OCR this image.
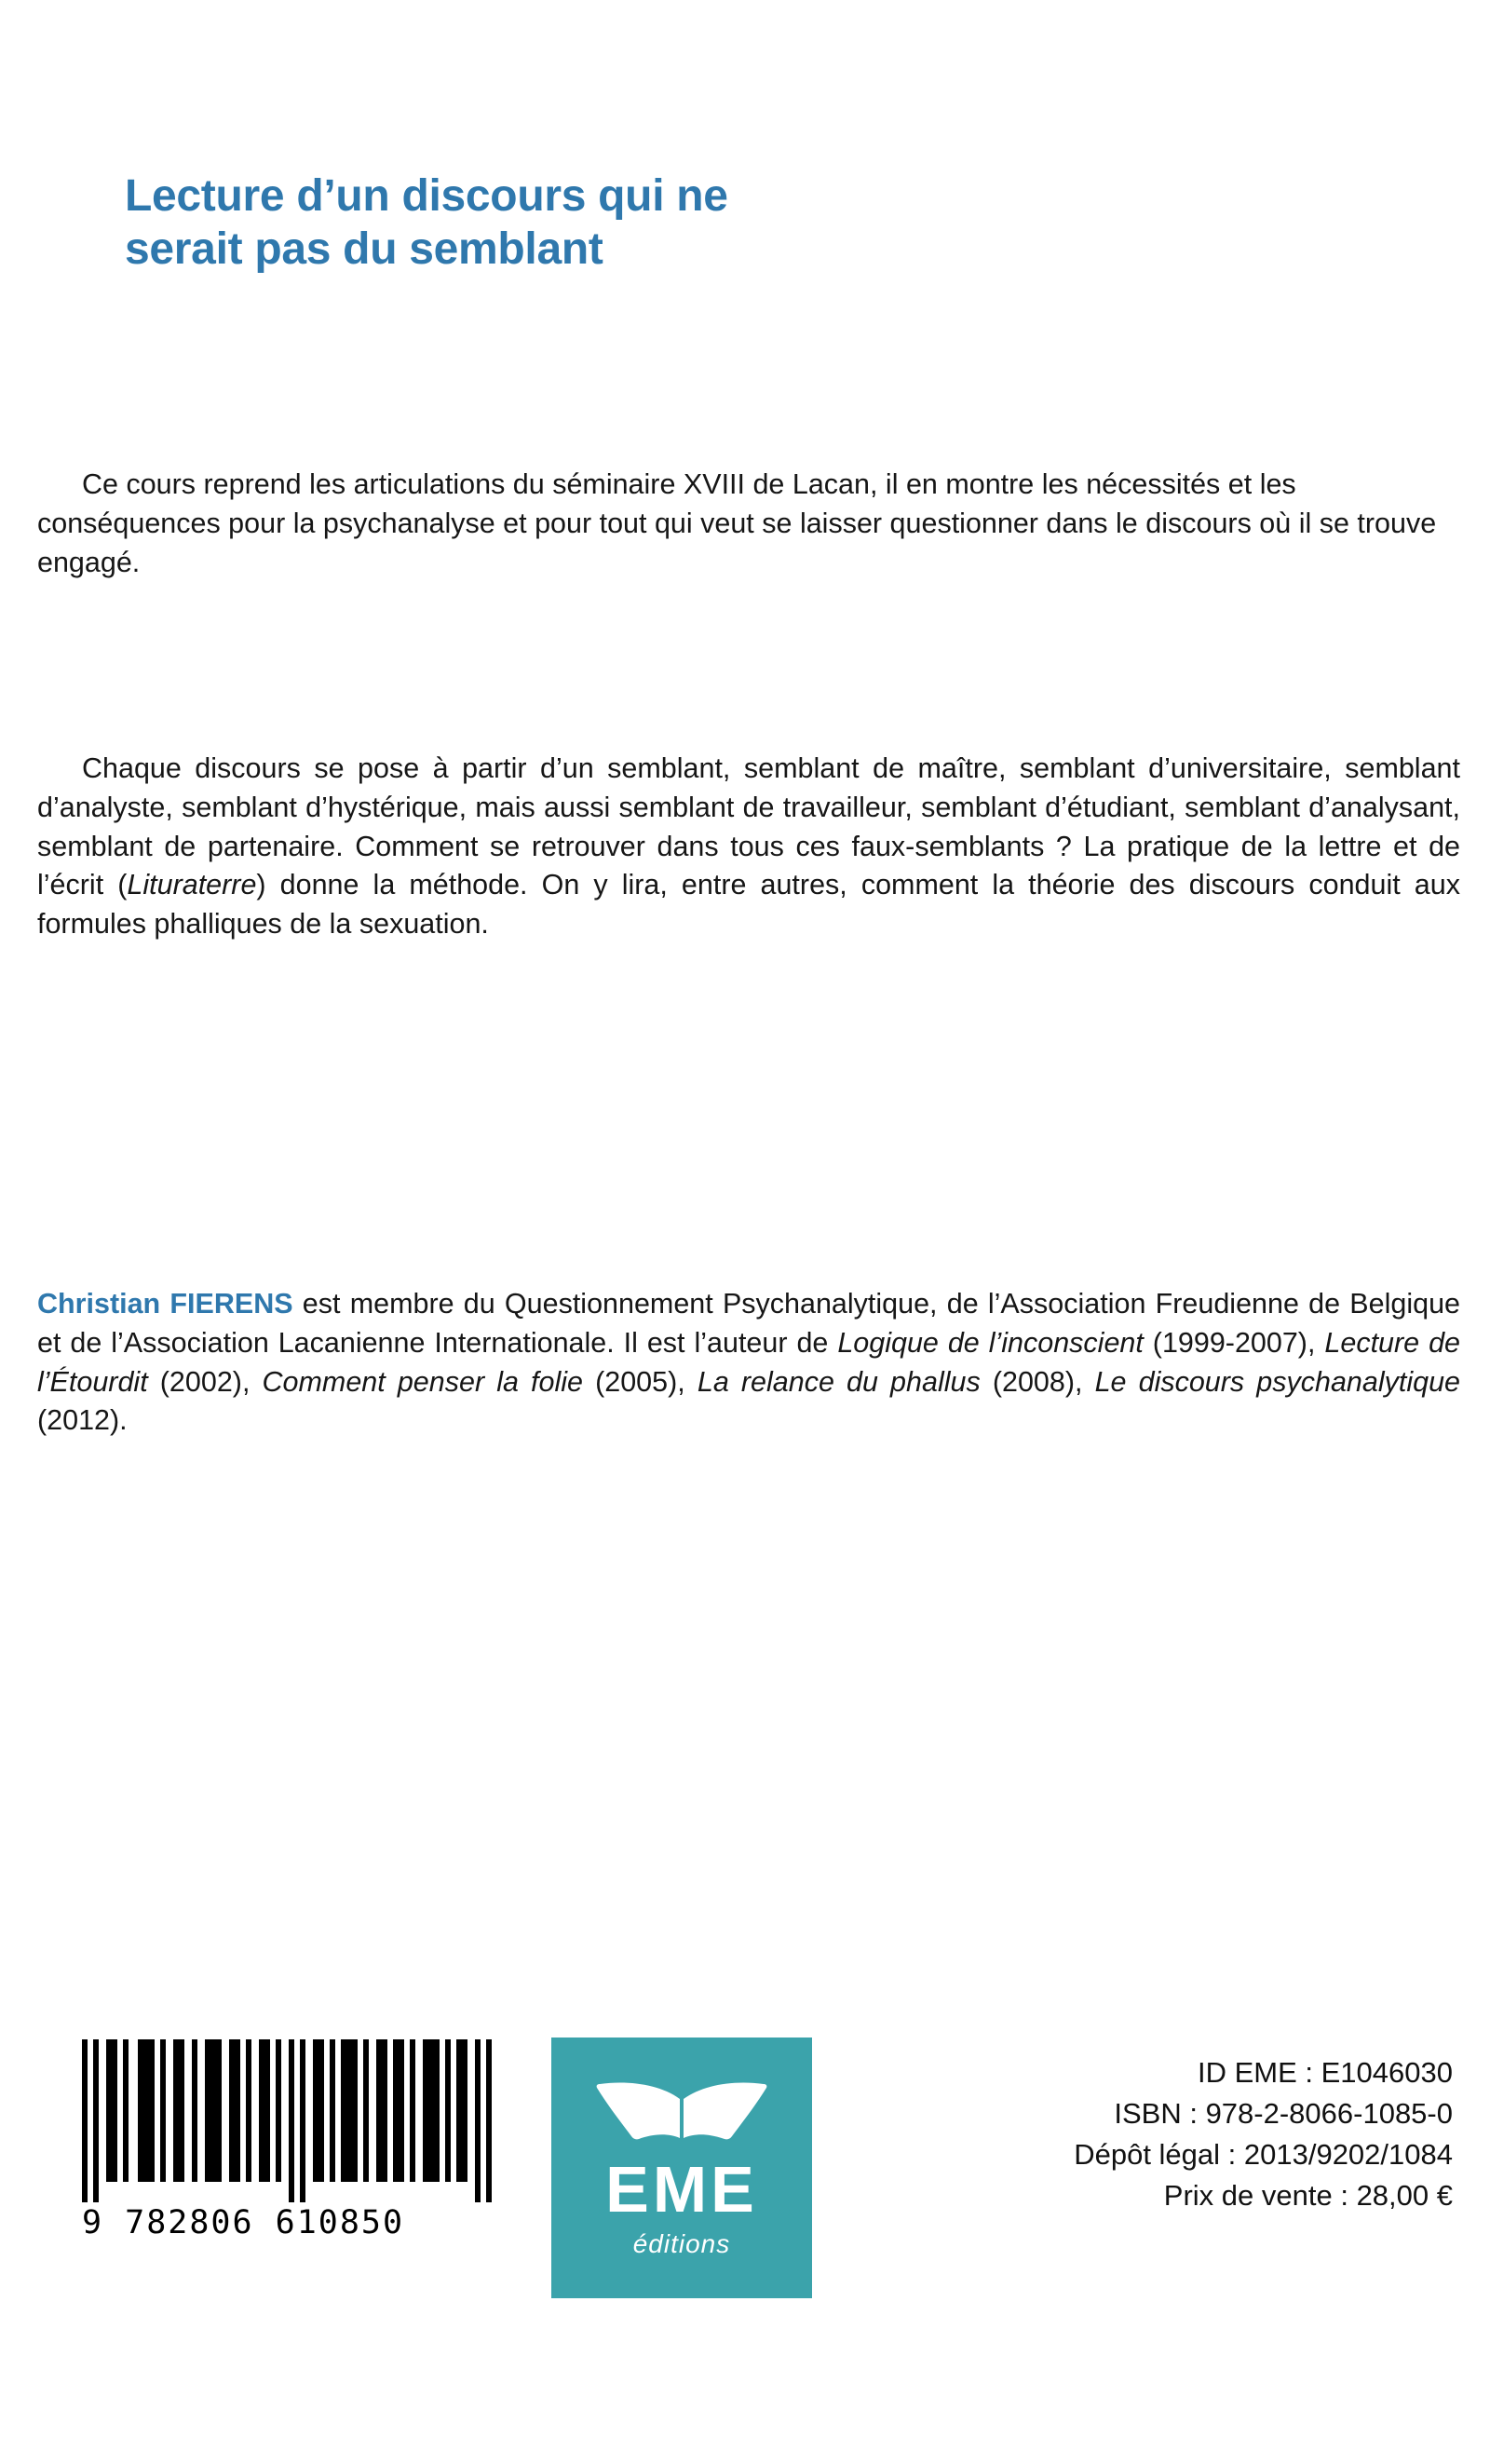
Lecture d’un discours qui ne
serait pas du semblant
Ce cours reprend les articulations du séminaire XVIII de Lacan, il en montre les nécessités et les conséquences pour la psychanalyse et pour tout qui veut se laisser questionner dans le discours où il se trouve engagé.
Chaque discours se pose à partir d’un semblant, semblant de maître, semblant d’universitaire, semblant d’analyste, semblant d’hystérique, mais aussi semblant de travailleur, semblant d’étudiant, semblant d’analysant, semblant de partenaire. Comment se retrouver dans tous ces faux-semblants ? La pratique de la lettre et de l’écrit (Lituraterre) donne la méthode. On y lira, entre autres, comment la théorie des discours conduit aux formules phalliques de la sexuation.
Christian FIERENS est membre du Questionnement Psychanalytique, de l’Association Freudienne de Belgique et de l’Association Lacanienne Internationale. Il est l’auteur de Logique de l’inconscient (1999-2007), Lecture de l’Étourdit (2002), Comment penser la folie (2005), La relance du phallus (2008), Le discours psychanalytique (2012).
9 782806 610850	EME
éditions
ID EME : E1046030
ISBN : 978-2-8066-1085-0
Dépôt légal : 2013/9202/1084
Prix de vente : 28,00 €
